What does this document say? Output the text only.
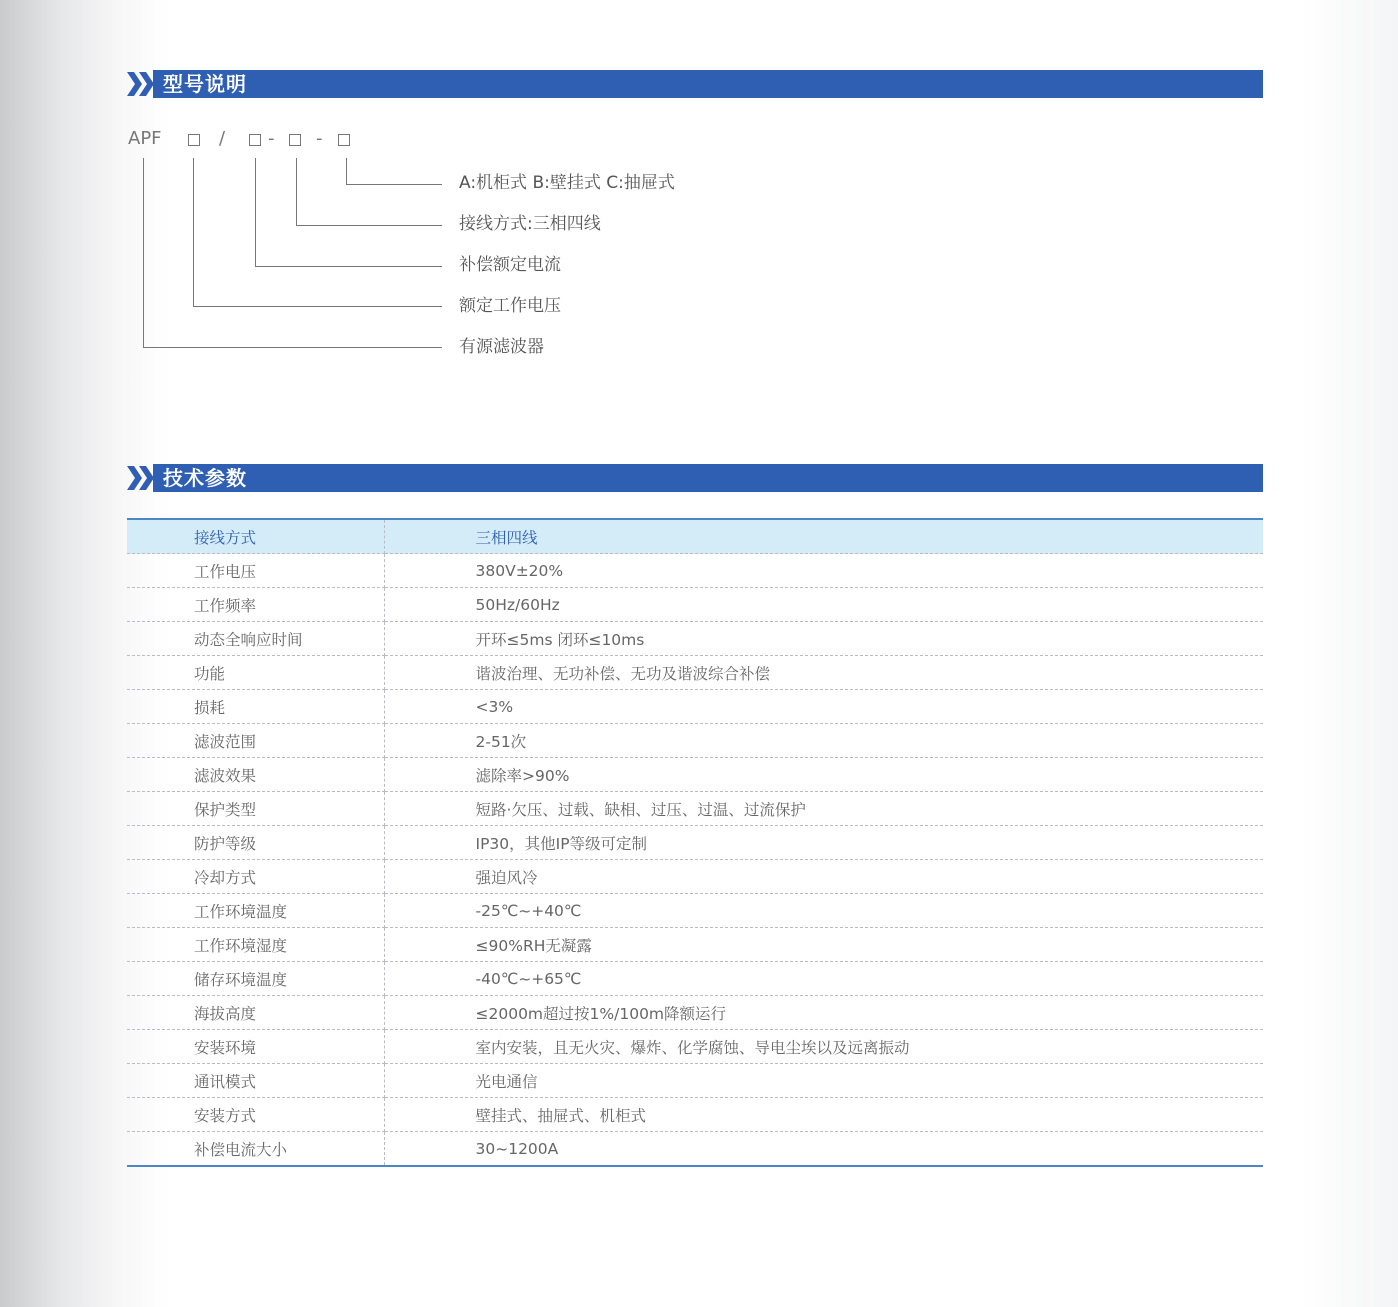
型号说明
APF	/ - -
A:机柜式 B:壁挂式 C:抽屉式
接线方式:三相四线
补偿额定电流
额定工作电压
有源滤波器
技术参数
接线方式	三相四线
工作电压	380V±20%
工作频率	50Hz/60Hz
动态全响应时间	开环≤5ms 闭环≤10ms
功能	谐波治理、无功补偿、无功及谐波综合补偿
损耗	<3%
滤波范围	2-51次
滤波效果	滤除率>90%
保护类型	短路·欠压、过载、缺相、过压、过温、过流保护
防护等级	IP30，其他IP等级可定制
冷却方式	强迫风冷
工作环境温度	-25℃~+40℃
工作环境湿度	≤90%RH无凝露
储存环境温度	-40℃~+65℃
海拔高度	≤2000m超过按1%/100m降额运行
安装环境	室内安装，且无火灾、爆炸、化学腐蚀、导电尘埃以及远离振动
通讯模式	光电通信
安装方式	壁挂式、抽屉式、机柜式
补偿电流大小	30~1200A
